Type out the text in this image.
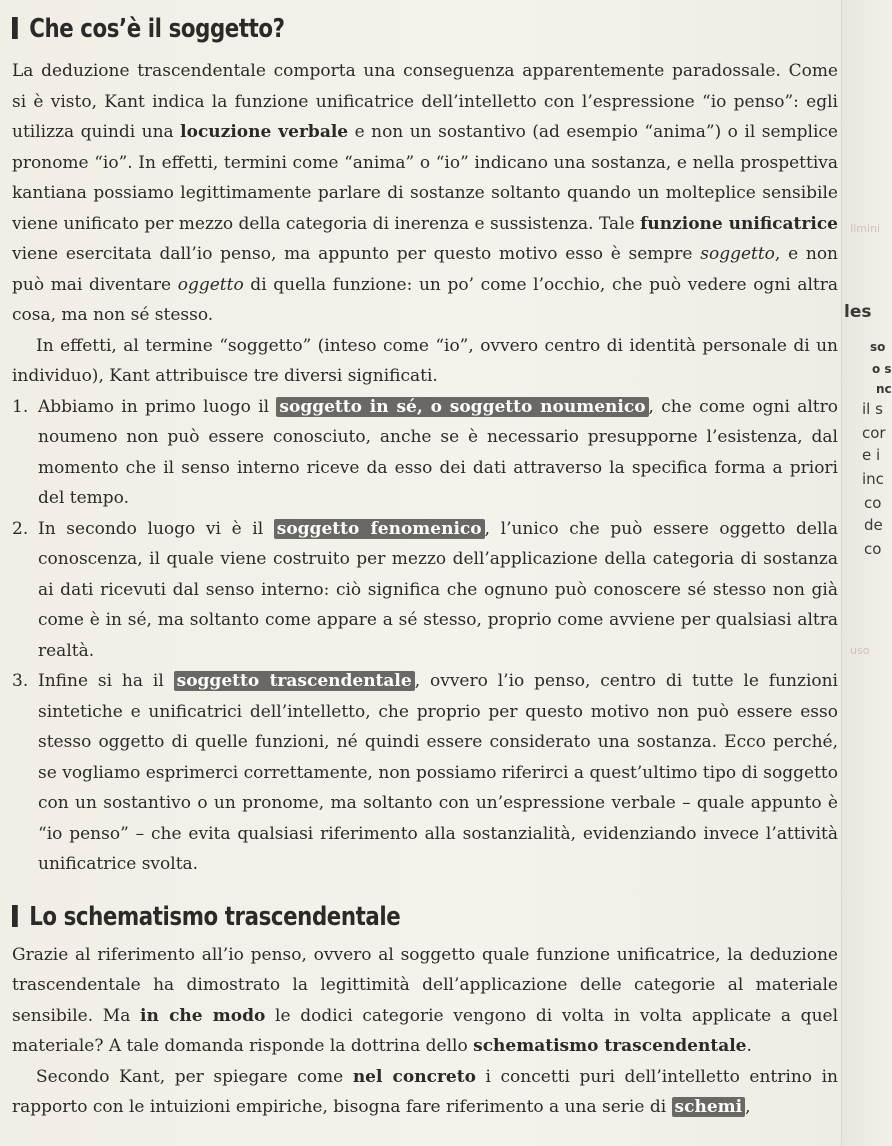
Che cos’è il soggetto?

La deduzione trascendentale comporta una conseguenza apparentemente paradossale. Come si è visto, Kant indica la funzione unificatrice dell’intelletto con l’espressione “io penso”: egli utilizza quindi una locuzione verbale e non un sostantivo (ad esempio “anima”) o il semplice pronome “io”. In effetti, termini come “anima” o “io” indicano una sostanza, e nella prospettiva kantiana possiamo legittimamente parlare di sostanze soltanto quando un molteplice sensibile viene unificato per mezzo della categoria di inerenza e sussistenza. Tale funzione unificatrice viene esercitata dall’io penso, ma appunto per questo motivo esso è sempre soggetto, e non può mai diventare oggetto di quella funzione: un po’ come l’occhio, che può vedere ogni altra cosa, ma non sé stesso.

In effetti, al termine “soggetto” (inteso come “io”, ovvero centro di identità personale di un individuo), Kant attribuisce tre diversi significati.

1. Abbiamo in primo luogo il soggetto in sé, o soggetto noumenico , che come ogni altro noumeno non può essere conosciuto, anche se è necessario presupporne l’esistenza, dal momento che il senso interno riceve da esso dei dati attraverso la specifica forma a priori del tempo.
2. In secondo luogo vi è il soggetto fenomenico , l’unico che può essere oggetto della conoscenza, il quale viene costruito per mezzo dell’applicazione della categoria di sostanza ai dati ricevuti dal senso interno: ciò significa che ognuno può conoscere sé stesso non già come è in sé, ma soltanto come appare a sé stesso, proprio come avviene per qualsiasi altra realtà.
3. Infine si ha il soggetto trascendentale , ovvero l’io penso, centro di tutte le funzioni sintetiche e unificatrici dell’intelletto, che proprio per questo motivo non può essere esso stesso oggetto di quelle funzioni, né quindi essere considerato una sostanza. Ecco perché, se vogliamo esprimerci correttamente, non possiamo riferirci a quest’ultimo tipo di soggetto con un sostantivo o un pronome, ma soltanto con un’espressione verbale – quale appunto è “io penso” – che evita qualsiasi riferimento alla sostanzialità, evidenziando invece l’attività unificatrice svolta.
Lo schematismo trascendentale

Grazie al riferimento all’io penso, ovvero al soggetto quale funzione unificatrice, la deduzione trascendentale ha dimostrato la legittimità dell’applicazione delle categorie al materiale sensibile. Ma in che modo le dodici categorie vengono di volta in volta applicate a quel materiale? A tale domanda risponde la dottrina dello schematismo trascendentale.

Secondo Kant, per spiegare come nel concreto i concetti puri dell’intelletto entrino in rapporto con le intuizioni empiriche, bisogna fare riferimento a una serie di schemi ,

Ilmini
les
so
o s
nc
il s
cor
e i
inc
co
de
co
uso
